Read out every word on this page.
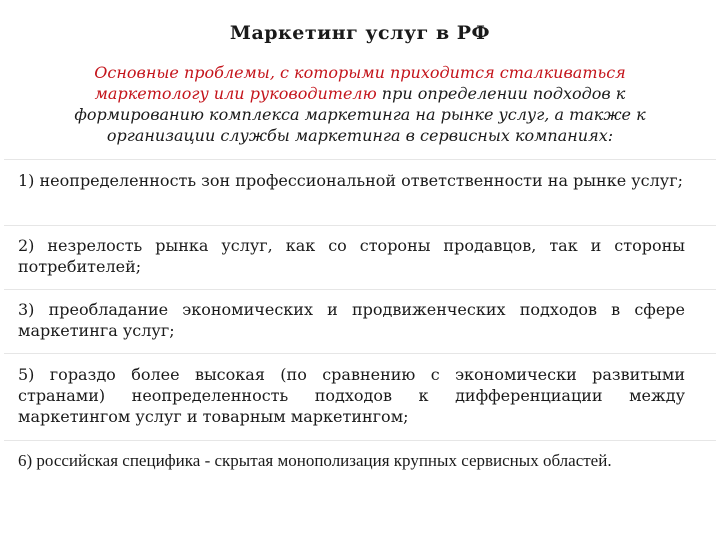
Маркетинг услуг в РФ
Основные проблемы, с которыми приходится сталкиваться маркетологу или руководителю при определении подходов к формированию комплекса маркетинга на рынке услуг, а также к организации службы маркетинга в сервисных компаниях:
1) неопределенность зон профессиональной ответственности на рынке услуг;
2) незрелость рынка услуг, как со стороны продавцов, так и стороны потребителей;
3) преобладание экономических и продвиженческих подходов в сфере маркетинга услуг;
5) гораздо более высокая (по сравнению с экономически развитыми странами) неопределенность подходов к дифференциации между маркетингом услуг и товарным маркетингом;
6) российская специфика - скрытая монополизация крупных сервисных областей.
